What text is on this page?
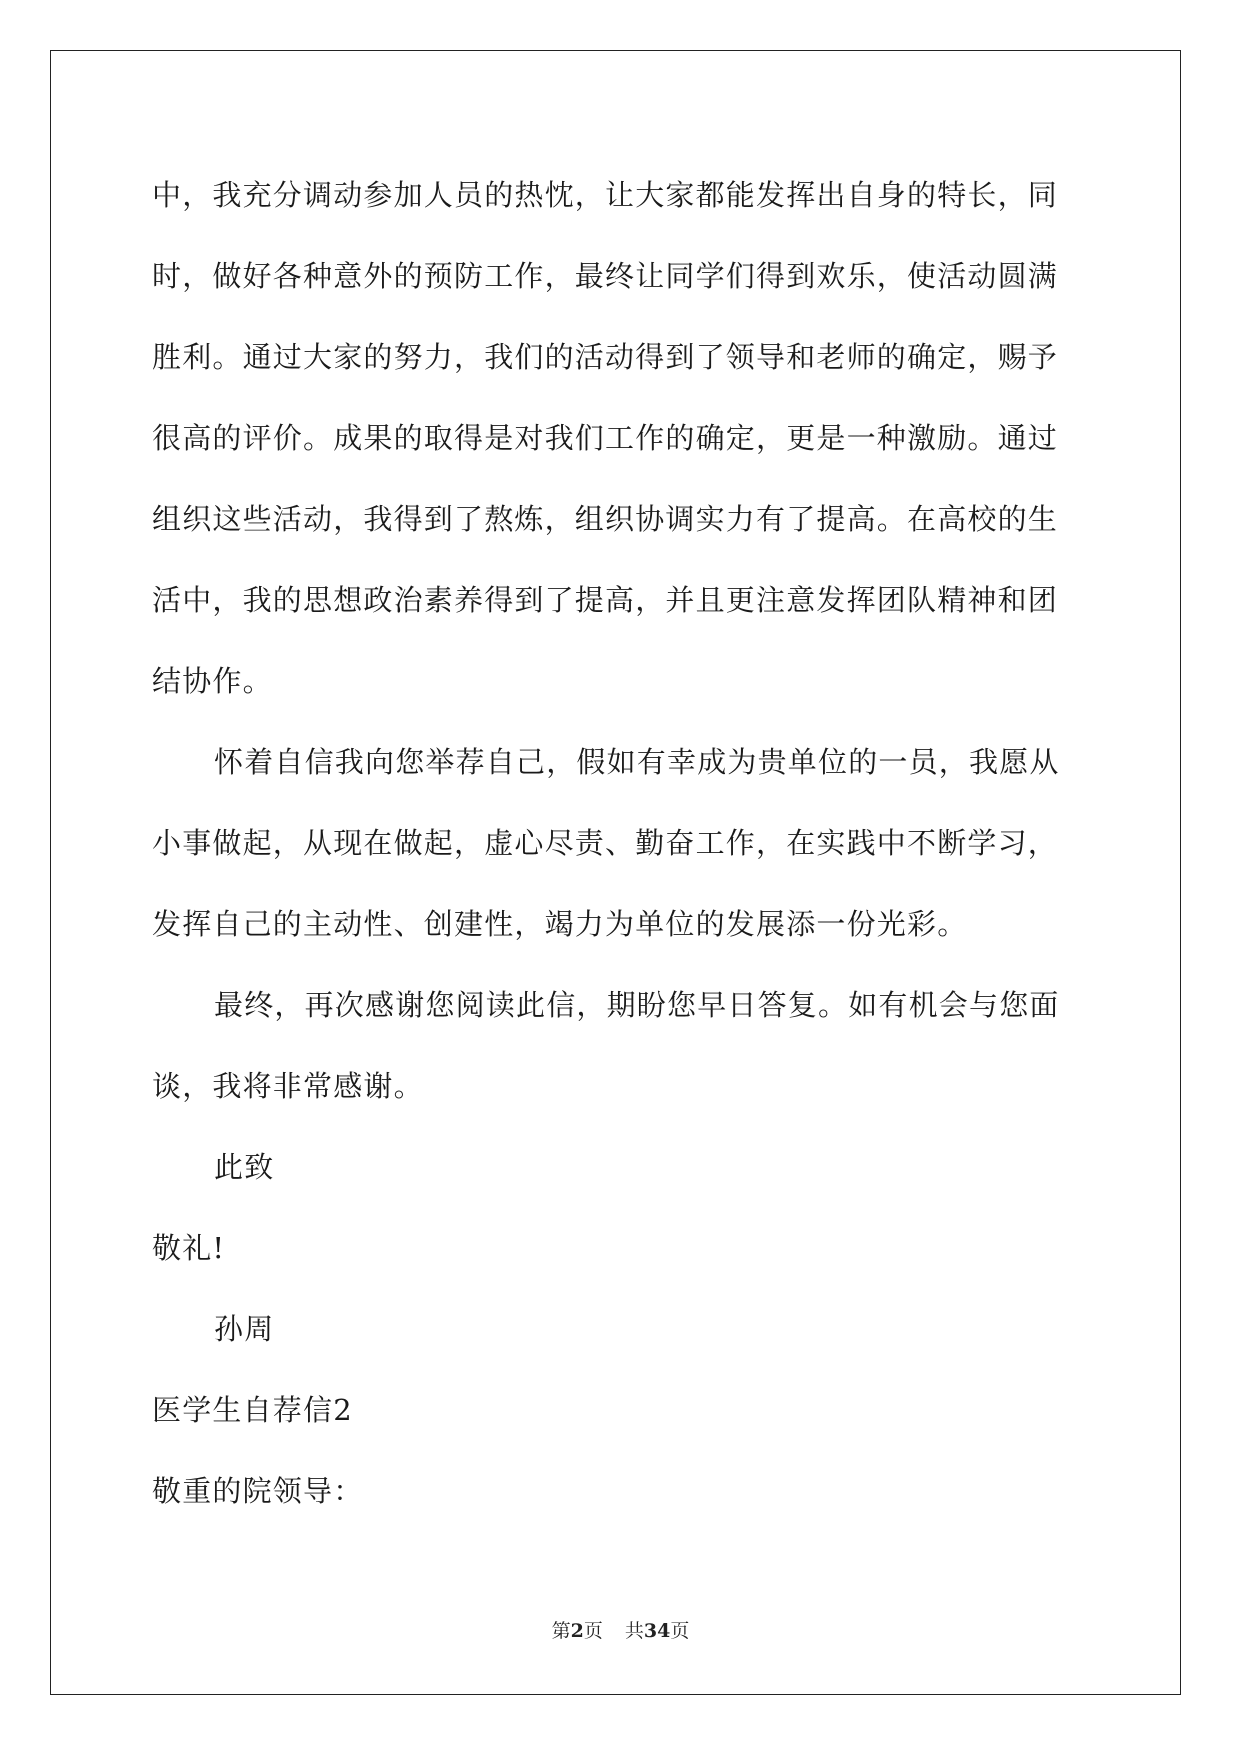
中，我充分调动参加人员的热忱，让大家都能发挥出自身的特长，同
时，做好各种意外的预防工作，最终让同学们得到欢乐，使活动圆满
胜利。通过大家的努力，我们的活动得到了领导和老师的确定，赐予
很高的评价。成果的取得是对我们工作的确定，更是一种激励。通过
组织这些活动，我得到了熬炼，组织协调实力有了提高。在高校的生
活中，我的思想政治素养得到了提高，并且更注意发挥团队精神和团
结协作。
怀着自信我向您举荐自己，假如有幸成为贵单位的一员，我愿从
小事做起，从现在做起，虚心尽责、勤奋工作，在实践中不断学习，
发挥自己的主动性、创建性，竭力为单位的发展添一份光彩。
最终，再次感谢您阅读此信，期盼您早日答复。如有机会与您面
谈，我将非常感谢。
此致
敬礼!
孙周
医学生自荐信2
敬重的院领导：
第2页 共34页
